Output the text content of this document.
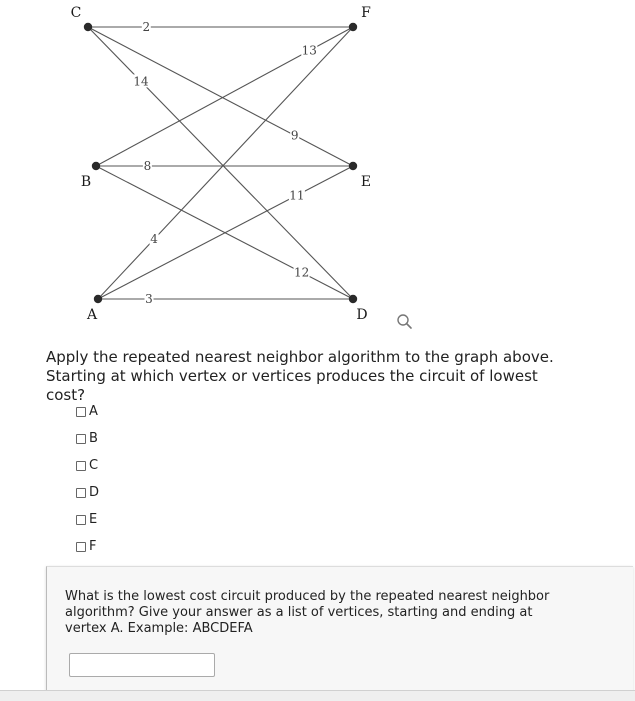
2
9
14
13
8
12
4
11
3
C	F
B	E
A	D
Apply the repeated nearest neighbor algorithm to the graph above. Starting at which vertex or vertices produces the circuit of lowest cost?
A
B
C
D
E
F
What is the lowest cost circuit produced by the repeated nearest neighbor algorithm? Give your answer as a list of vertices, starting and ending at vertex A. Example: ABCDEFA
